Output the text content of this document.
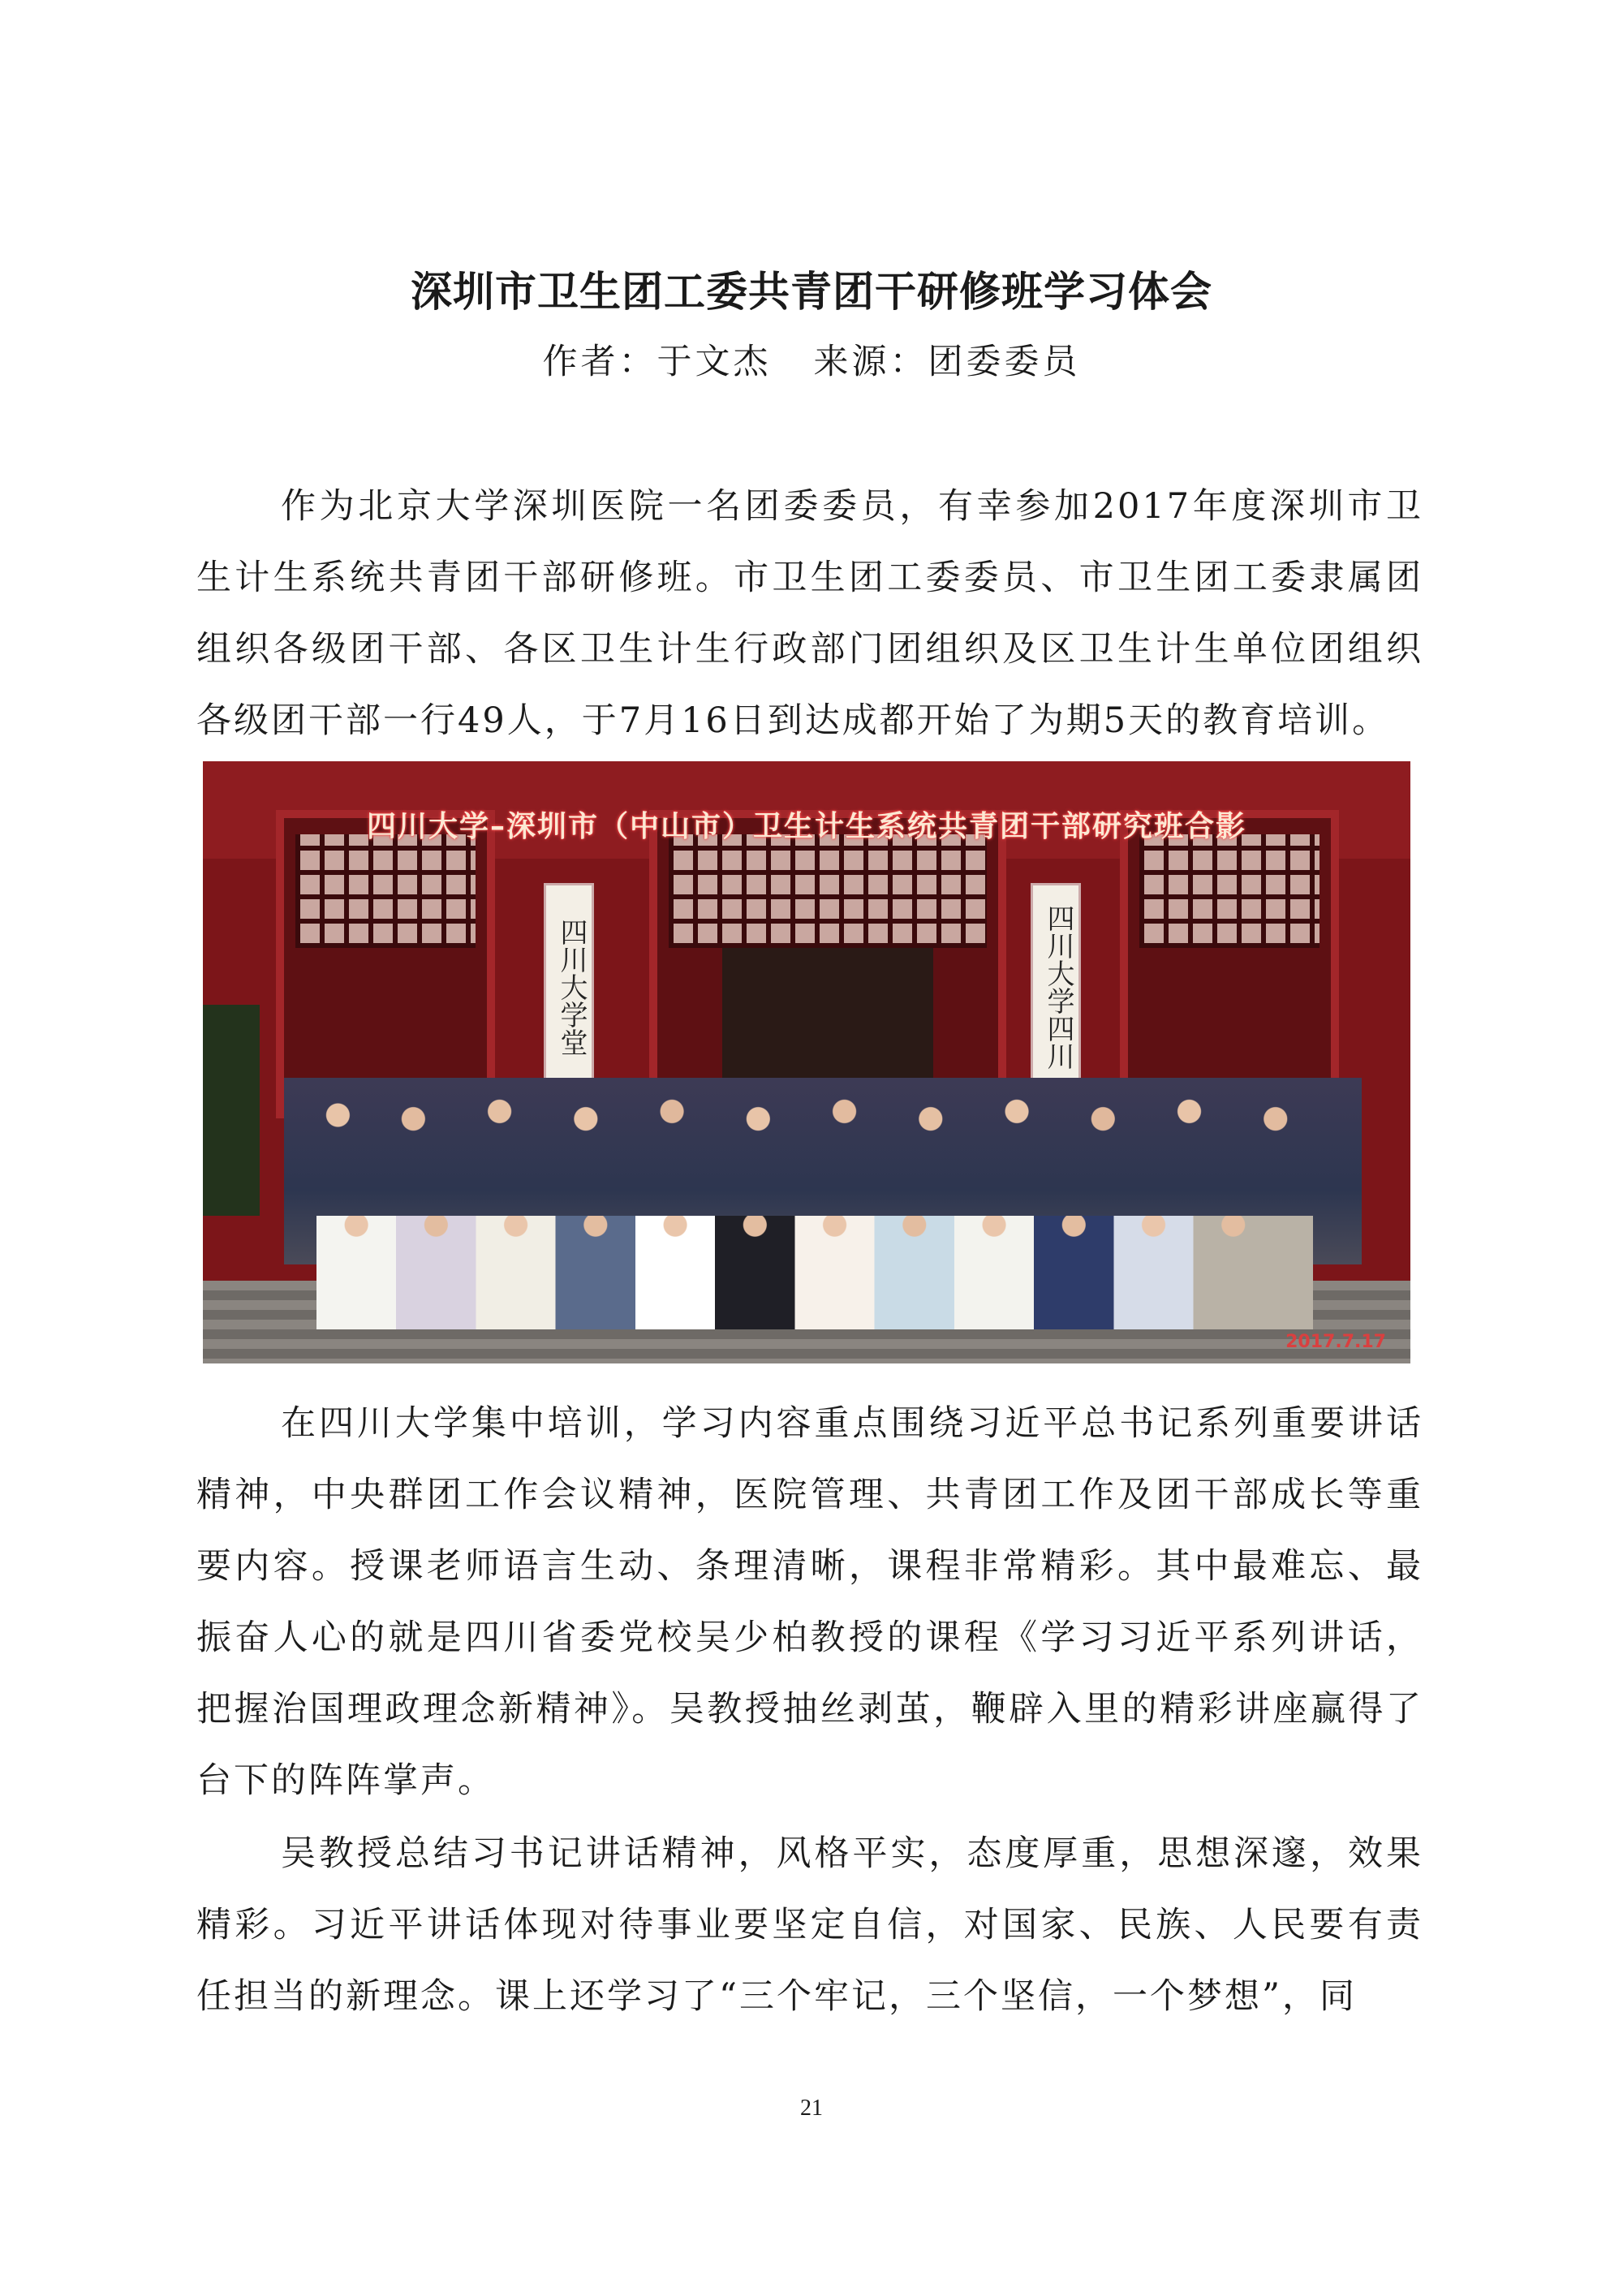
深圳市卫生团工委共青团干研修班学习体会
作者：于文杰 来源：团委委员

作为北京大学深圳医院一名团委委员，有幸参加2017年度深圳市卫生计生系统共青团干部研修班。市卫生团工委委员、市卫生团工委隶属团组织各级团干部、各区卫生计生行政部门团组织及区卫生计生单位团组织各级团干部一行49人，于7月16日到达成都开始了为期5天的教育培训。

四川大学堂	四川大学四川
四川大学–深圳市（中山市）卫生计生系统共青团干部研究班合影
2017.7.17

在四川大学集中培训，学习内容重点围绕习近平总书记系列重要讲话精神，中央群团工作会议精神，医院管理、共青团工作及团干部成长等重要内容。授课老师语言生动、条理清晰，课程非常精彩。其中最难忘、最振奋人心的就是四川省委党校吴少柏教授的课程《学习习近平系列讲话，把握治国理政理念新精神》。吴教授抽丝剥茧，鞭辟入里的精彩讲座赢得了台下的阵阵掌声。

吴教授总结习书记讲话精神，风格平实，态度厚重，思想深邃，效果精彩。习近平讲话体现对待事业要坚定自信，对国家、民族、人民要有责任担当的新理念。课上还学习了“三个牢记，三个坚信，一个梦想”，同

21
